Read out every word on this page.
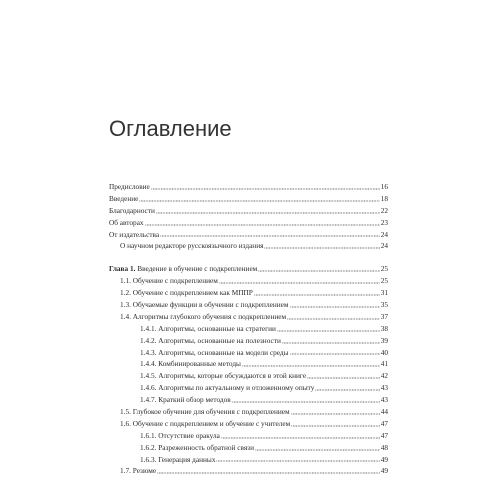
Оглавление
Предисловие	16
Введение	18
Благодарности	22
Об авторах	23
От издательства	24
О научном редакторе русскоязычного издания	24
Глава 1. Введение в обучение с подкреплением	25
1.1. Обучение с подкреплением	25
1.2. Обучение с подкреплением как МППР	31
1.3. Обучаемые функции в обучении с подкреплением	35
1.4. Алгоритмы глубокого обучения с подкреплением	37
1.4.1. Алгоритмы, основанные на стратегии	38
1.4.2. Алгоритмы, основанные на полезности	39
1.4.3. Алгоритмы, основанные на модели среды	40
1.4.4. Комбинированные методы	41
1.4.5. Алгоритмы, которые обсуждаются в этой книге	42
1.4.6. Алгоритмы по актуальному и отложенному опыту	43
1.4.7. Краткий обзор методов	43
1.5. Глубокое обучение для обучения с подкреплением	44
1.6. Обучение с подкреплением и обучение с учителем	47
1.6.1. Отсутствие оракула	47
1.6.2. Разреженность обратной связи	48
1.6.3. Генерация данных	49
1.7. Резюме	49
